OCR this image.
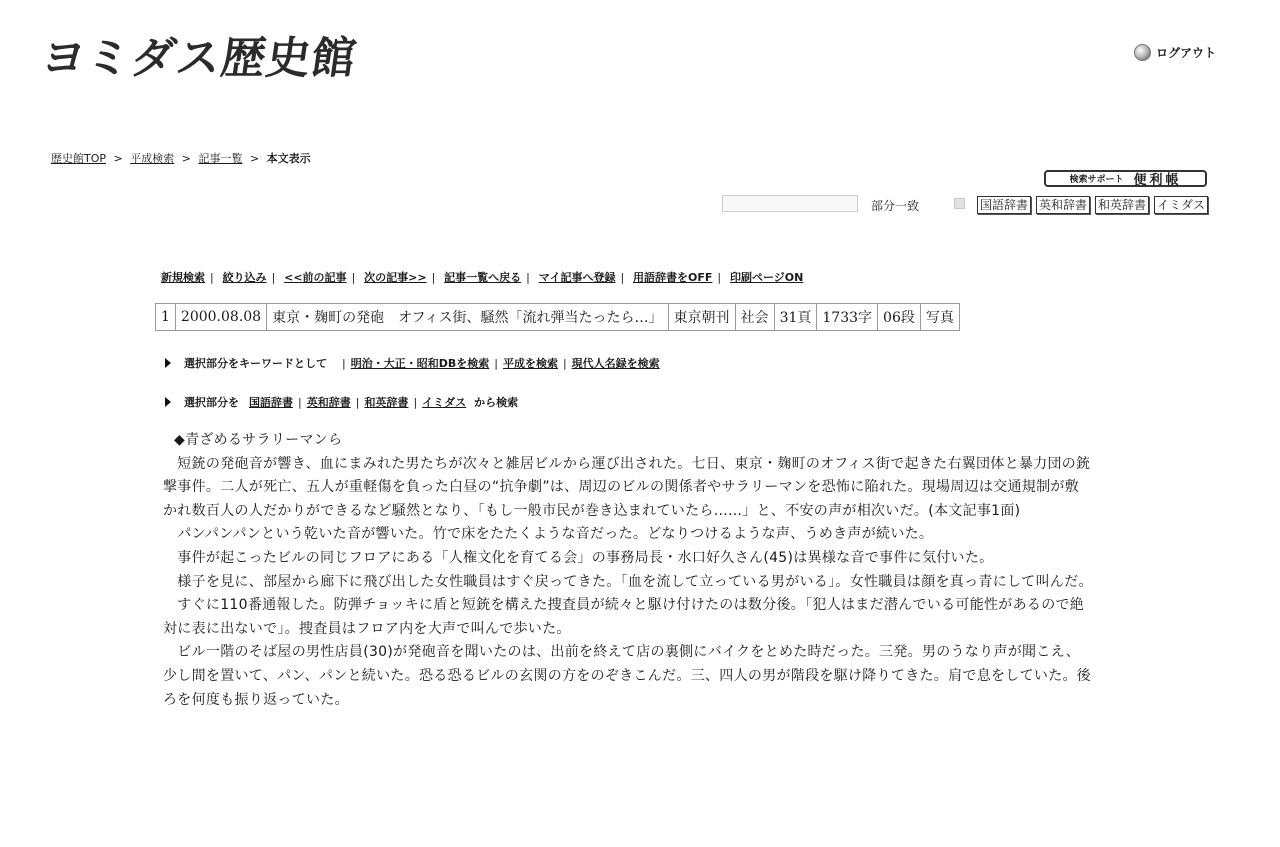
ヨミダス歴史館	ログアウト
歴史館TOP > 平成検索 > 記事一覧 > 本文表示
検索サポート 便利帳
部分一致	国語辞書 英和辞書 和英辞書 イミダス
新規検索 | 絞り込み | <<前の記事 | 次の記事>> | 記事一覧へ戻る | マイ記事へ登録 | 用語辞書をOFF | 印刷ページON
1	2000.08.08	東京・麹町の発砲　オフィス街、騒然「流れ弾当たったら…」	東京朝刊	社会	31頁	1733字	06段	写真
選択部分をキーワードとして | 明治・大正・昭和DBを検索 | 平成を検索 | 現代人名録を検索
選択部分を 国語辞書 | 英和辞書 | 和英辞書 | イミダス から検索

◆青ざめるサラリーマンら

　短銃の発砲音が響き、血にまみれた男たちが次々と雑居ビルから運び出された。七日、東京・麹町のオフィス街で起きた右翼団体と暴力団の銃撃事件。二人が死亡、五人が重軽傷を負った白昼の“抗争劇”は、周辺のビルの関係者やサラリーマンを恐怖に陥れた。現場周辺は交通規制が敷かれ数百人の人だかりができるなど騒然となり、「もし一般市民が巻き込まれていたら……」と、不安の声が相次いだ。(本文記事1面)

　パンパンパンという乾いた音が響いた。竹で床をたたくような音だった。どなりつけるような声、うめき声が続いた。

　事件が起こったビルの同じフロアにある「人権文化を育てる会」の事務局長・水口好久さん(45)は異様な音で事件に気付いた。

　様子を見に、部屋から廊下に飛び出した女性職員はすぐ戻ってきた。「血を流して立っている男がいる」。女性職員は顔を真っ青にして叫んだ。

　すぐに110番通報した。防弾チョッキに盾と短銃を構えた捜査員が続々と駆け付けたのは数分後。「犯人はまだ潜んでいる可能性があるので絶対に表に出ないで」。捜査員はフロア内を大声で叫んで歩いた。

　ビル一階のそば屋の男性店員(30)が発砲音を聞いたのは、出前を終えて店の裏側にバイクをとめた時だった。三発。男のうなり声が聞こえ、少し間を置いて、パン、パンと続いた。恐る恐るビルの玄関の方をのぞきこんだ。三、四人の男が階段を駆け降りてきた。肩で息をしていた。後ろを何度も振り返っていた。
